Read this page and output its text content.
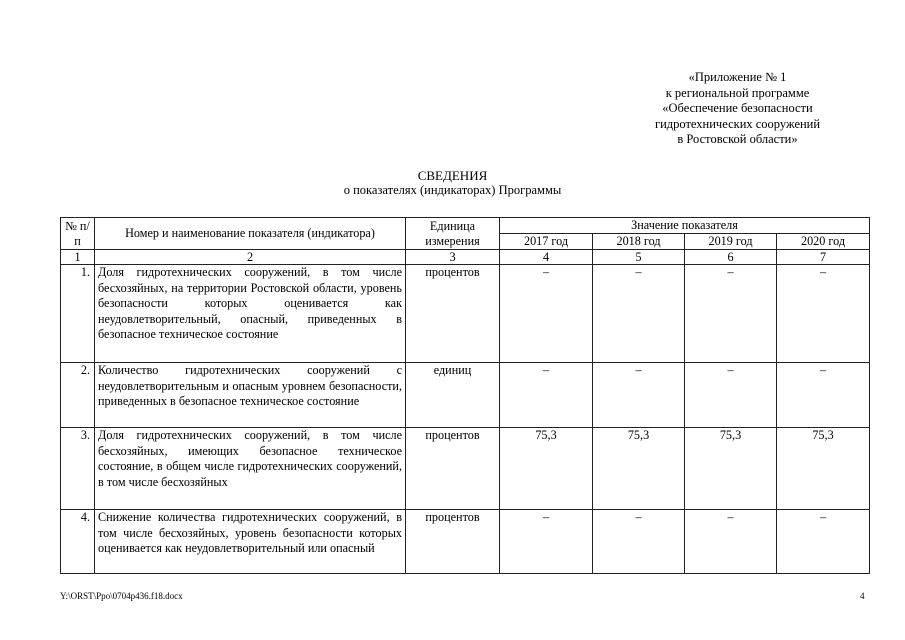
«Приложение № 1
к региональной программе
«Обеспечение безопасности
гидротехнических сооружений
в Ростовской области»
СВЕДЕНИЯ
о показателях (индикаторах) Программы
№ п/п	Номер и наименование показателя (индикатора)	Единица измерения	Значение показателя			
			2017 год	2018 год	2019 год	2020 год
1	2	3	4	5	6	7
1.	Доля гидротехнических сооружений, в том числе бесхозяйных, на территории Ростовской области, уровень безопасности которых оценивается как неудовлетворительный, опасный, приведенных в безопасное техническое состояние	процентов	–	–	–	–
2.	Количество гидротехнических сооружений с неудовлетворительным и опасным уровнем безопасности, приведенных в безопасное техническое состояние	единиц	–	–	–	–
3.	Доля гидротехнических сооружений, в том числе бесхозяйных, имеющих безопасное техническое состояние, в общем числе гидротехнических сооружений, в том числе бесхозяйных	процентов	75,3	75,3	75,3	75,3
4.	Снижение количества гидротехнических сооружений, в том числе бесхозяйных, уровень безопасности которых оценивается как неудовлетворительный или опасный	процентов	–	–	–	–
Y:\ORST\Ppo\0704p436.f18.docx	4
